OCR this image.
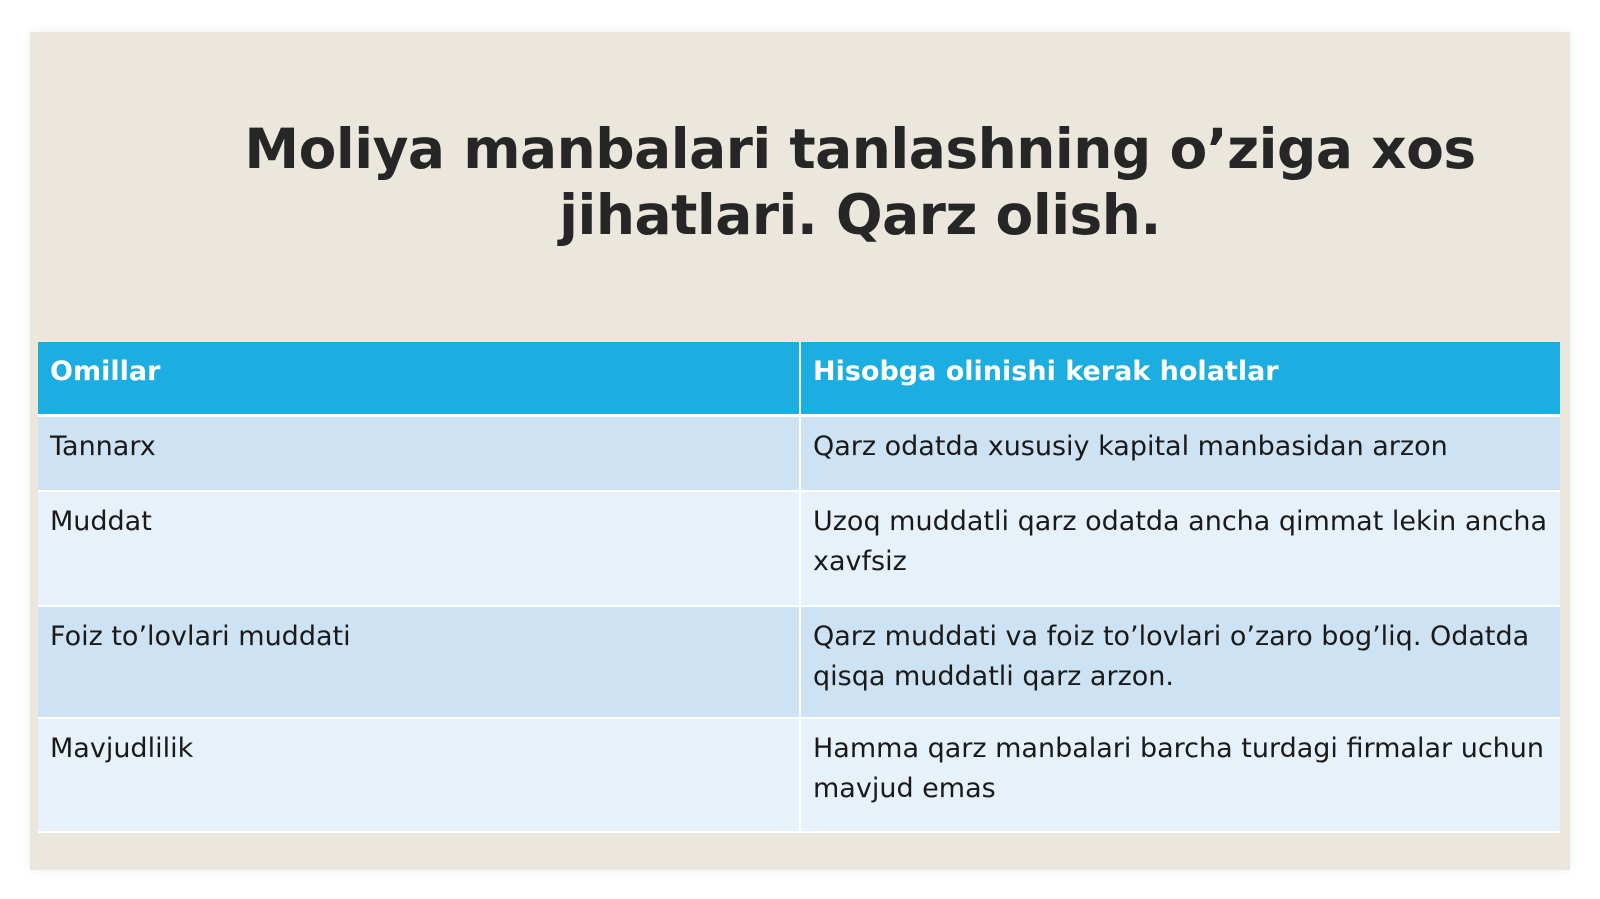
Moliya manbalari tanlashning o’ziga xos jihatlari. Qarz olish.
Omillar	Hisobga olinishi kerak holatlar
Tannarx	Qarz odatda xususiy kapital manbasidan arzon
Muddat	Uzoq muddatli qarz odatda ancha qimmat lekin ancha xavfsiz
Foiz to’lovlari muddati	Qarz muddati va foiz to’lovlari o’zaro bog’liq. Odatda qisqa muddatli qarz arzon.
Mavjudlilik	Hamma qarz manbalari barcha turdagi firmalar uchun mavjud emas
